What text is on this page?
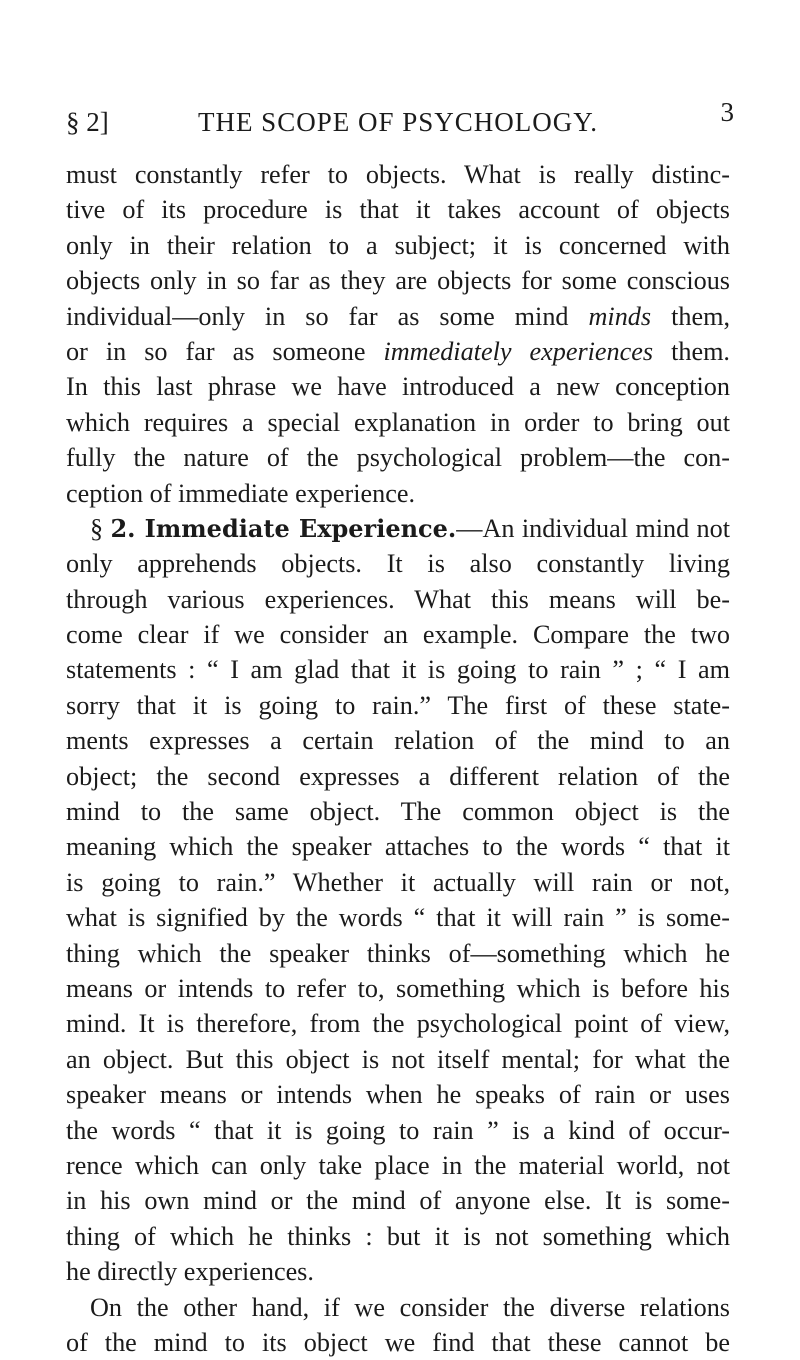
§ 2]	THE SCOPE OF PSYCHOLOGY.	3
must constantly refer to objects. What is really distinc-
tive of its procedure is that it takes account of objects
only in their relation to a subject; it is concerned with
objects only in so far as they are objects for some conscious
individual—only in so far as some mind minds them,
or in so far as someone immediately experiences them.
In this last phrase we have introduced a new conception
which requires a special explanation in order to bring out
fully the nature of the psychological problem—the con-
ception of immediate experience.
§ 2. Immediate Experience.—An individual mind not
only apprehends objects. It is also constantly living
through various experiences. What this means will be-
come clear if we consider an example. Compare the two
statements : “ I am glad that it is going to rain ” ; “ I am
sorry that it is going to rain.” The first of these state-
ments expresses a certain relation of the mind to an
object; the second expresses a different relation of the
mind to the same object. The common object is the
meaning which the speaker attaches to the words “ that it
is going to rain.” Whether it actually will rain or not,
what is signified by the words “ that it will rain ” is some-
thing which the speaker thinks of—something which he
means or intends to refer to, something which is before his
mind. It is therefore, from the psychological point of view,
an object. But this object is not itself mental; for what the
speaker means or intends when he speaks of rain or uses
the words “ that it is going to rain ” is a kind of occur-
rence which can only take place in the material world, not
in his own mind or the mind of anyone else. It is some-
thing of which he thinks : but it is not something which
he directly experiences.
On the other hand, if we consider the diverse relations
of the mind to its object we find that these cannot be
